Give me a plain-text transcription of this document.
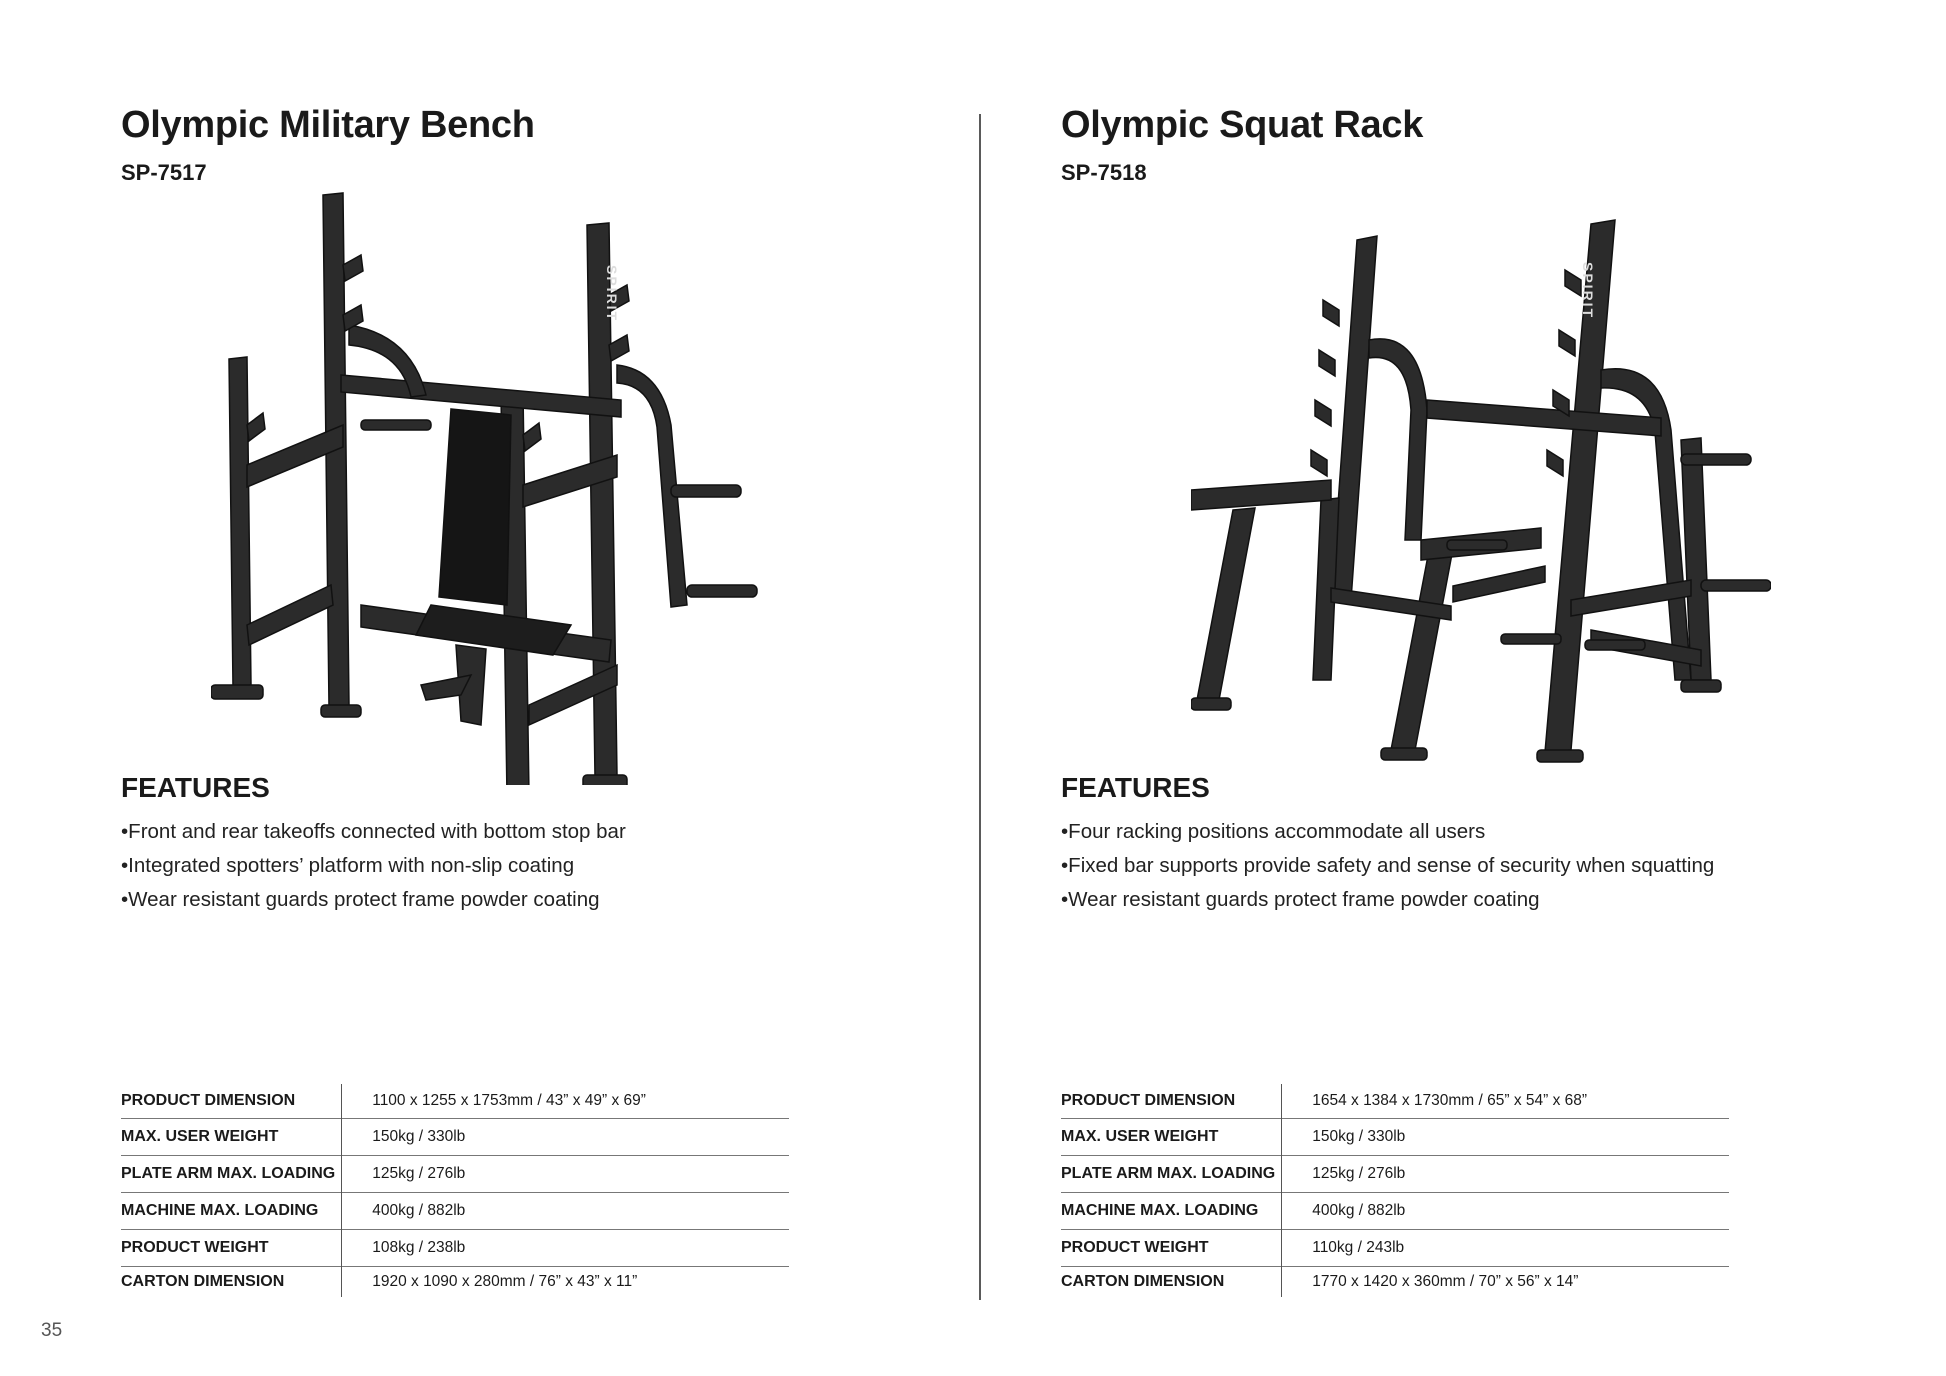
Olympic Military Bench
SP-7517
SPIRIT
FEATURES
•Front and rear takeoffs connected with bottom stop bar
•Integrated spotters’ platform with non-slip coating
•Wear resistant guards protect frame powder coating
PRODUCT DIMENSION	1100 x 1255 x 1753mm / 43” x 49” x 69”
MAX. USER WEIGHT	150kg / 330lb
PLATE ARM MAX. LOADING	125kg / 276lb
MACHINE MAX. LOADING	400kg / 882lb
PRODUCT WEIGHT	108kg / 238lb
CARTON DIMENSION	1920 x 1090 x 280mm / 76” x 43” x 11”
Olympic Squat Rack
SP-7518
SPIRIT
FEATURES
•Four racking positions accommodate all users
•Fixed bar supports provide safety and sense of security when squatting
•Wear resistant guards protect frame powder coating
PRODUCT DIMENSION	1654 x 1384 x 1730mm / 65” x 54” x 68”
MAX. USER WEIGHT	150kg / 330lb
PLATE ARM MAX. LOADING	125kg / 276lb
MACHINE MAX. LOADING	400kg / 882lb
PRODUCT WEIGHT	110kg / 243lb
CARTON DIMENSION	1770 x 1420 x 360mm / 70” x 56” x 14”
35
